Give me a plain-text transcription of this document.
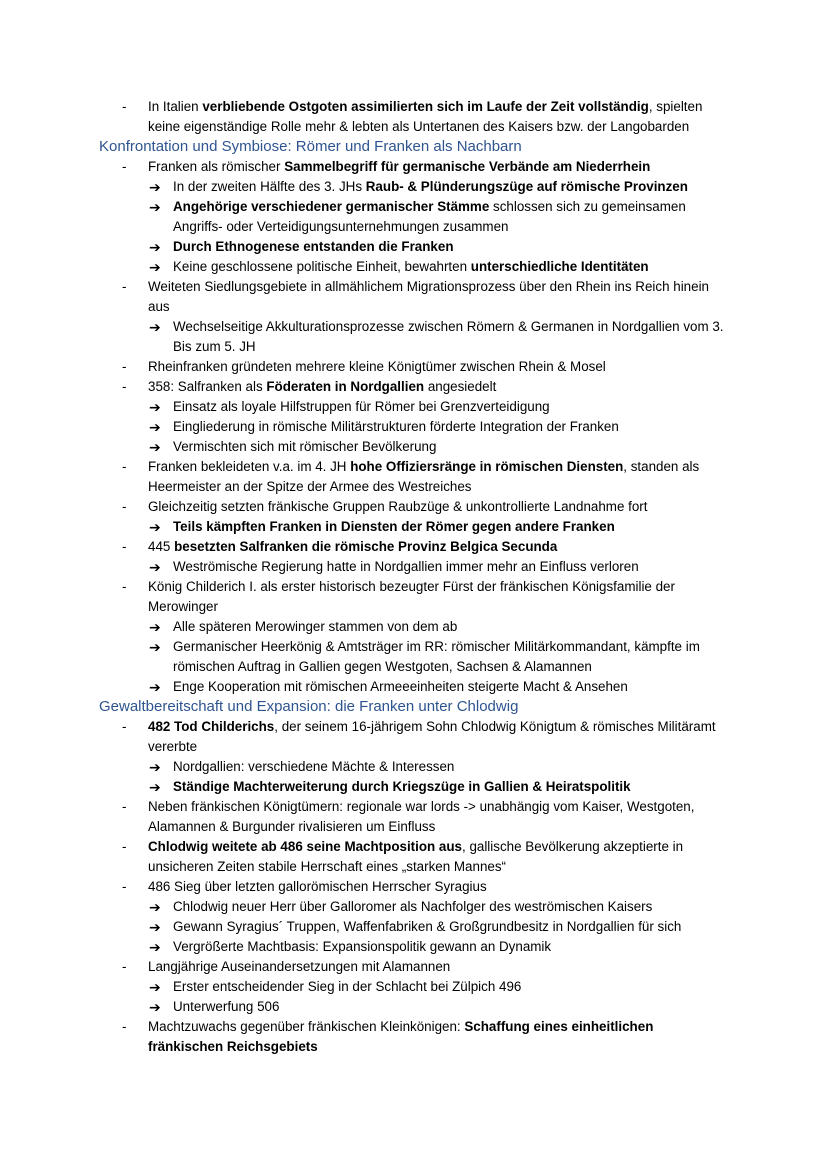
- In Italien verbliebende Ostgoten assimilierten sich im Laufe der Zeit vollständig, spielten keine eigenständige Rolle mehr & lebten als Untertanen des Kaisers bzw. der Langobarden
Konfrontation und Symbiose: Römer und Franken als Nachbarn
- Franken als römischer Sammelbegriff für germanische Verbände am Niederrhein
➔ In der zweiten Hälfte des 3. JHs Raub- & Plünderungszüge auf römische Provinzen
➔ Angehörige verschiedener germanischer Stämme schlossen sich zu gemeinsamen Angriffs- oder Verteidigungsunternehmungen zusammen
➔ Durch Ethnogenese entstanden die Franken
➔ Keine geschlossene politische Einheit, bewahrten unterschiedliche Identitäten
- Weiteten Siedlungsgebiete in allmählichem Migrationsprozess über den Rhein ins Reich hinein aus
➔ Wechselseitige Akkulturationsprozesse zwischen Römern & Germanen in Nordgallien vom 3. Bis zum 5. JH
- Rheinfranken gründeten mehrere kleine Königtümer zwischen Rhein & Mosel
- 358: Salfranken als Föderaten in Nordgallien angesiedelt
➔ Einsatz als loyale Hilfstruppen für Römer bei Grenzverteidigung
➔ Eingliederung in römische Militärstrukturen förderte Integration der Franken
➔ Vermischten sich mit römischer Bevölkerung
- Franken bekleideten v.a. im 4. JH hohe Offiziersränge in römischen Diensten, standen als Heermeister an der Spitze der Armee des Westreiches
- Gleichzeitig setzten fränkische Gruppen Raubzüge & unkontrollierte Landnahme fort
➔ Teils kämpften Franken in Diensten der Römer gegen andere Franken
- 445 besetzten Salfranken die römische Provinz Belgica Secunda
➔ Weströmische Regierung hatte in Nordgallien immer mehr an Einfluss verloren
- König Childerich I. als erster historisch bezeugter Fürst der fränkischen Königsfamilie der Merowinger
➔ Alle späteren Merowinger stammen von dem ab
➔ Germanischer Heerkönig & Amtsträger im RR: römischer Militärkommandant, kämpfte im römischen Auftrag in Gallien gegen Westgoten, Sachsen & Alamannen
➔ Enge Kooperation mit römischen Armeeeinheiten steigerte Macht & Ansehen
Gewaltbereitschaft und Expansion: die Franken unter Chlodwig
- 482 Tod Childerichs, der seinem 16-jährigem Sohn Chlodwig Königtum & römisches Militäramt vererbte
➔ Nordgallien: verschiedene Mächte & Interessen
➔ Ständige Machterweiterung durch Kriegszüge in Gallien & Heiratspolitik
- Neben fränkischen Königtümern: regionale war lords -> unabhängig vom Kaiser, Westgoten, Alamannen & Burgunder rivalisieren um Einfluss
- Chlodwig weitete ab 486 seine Machtposition aus, gallische Bevölkerung akzeptierte in unsicheren Zeiten stabile Herrschaft eines „starken Mannes“
- 486 Sieg über letzten gallorömischen Herrscher Syragius
➔ Chlodwig neuer Herr über Galloromer als Nachfolger des weströmischen Kaisers
➔ Gewann Syragius´ Truppen, Waffenfabriken & Großgrundbesitz in Nordgallien für sich
➔ Vergrößerte Machtbasis: Expansionspolitik gewann an Dynamik
- Langjährige Auseinandersetzungen mit Alamannen
➔ Erster entscheidender Sieg in der Schlacht bei Zülpich 496
➔ Unterwerfung 506
- Machtzuwachs gegenüber fränkischen Kleinkönigen: Schaffung eines einheitlichen fränkischen Reichsgebiets
